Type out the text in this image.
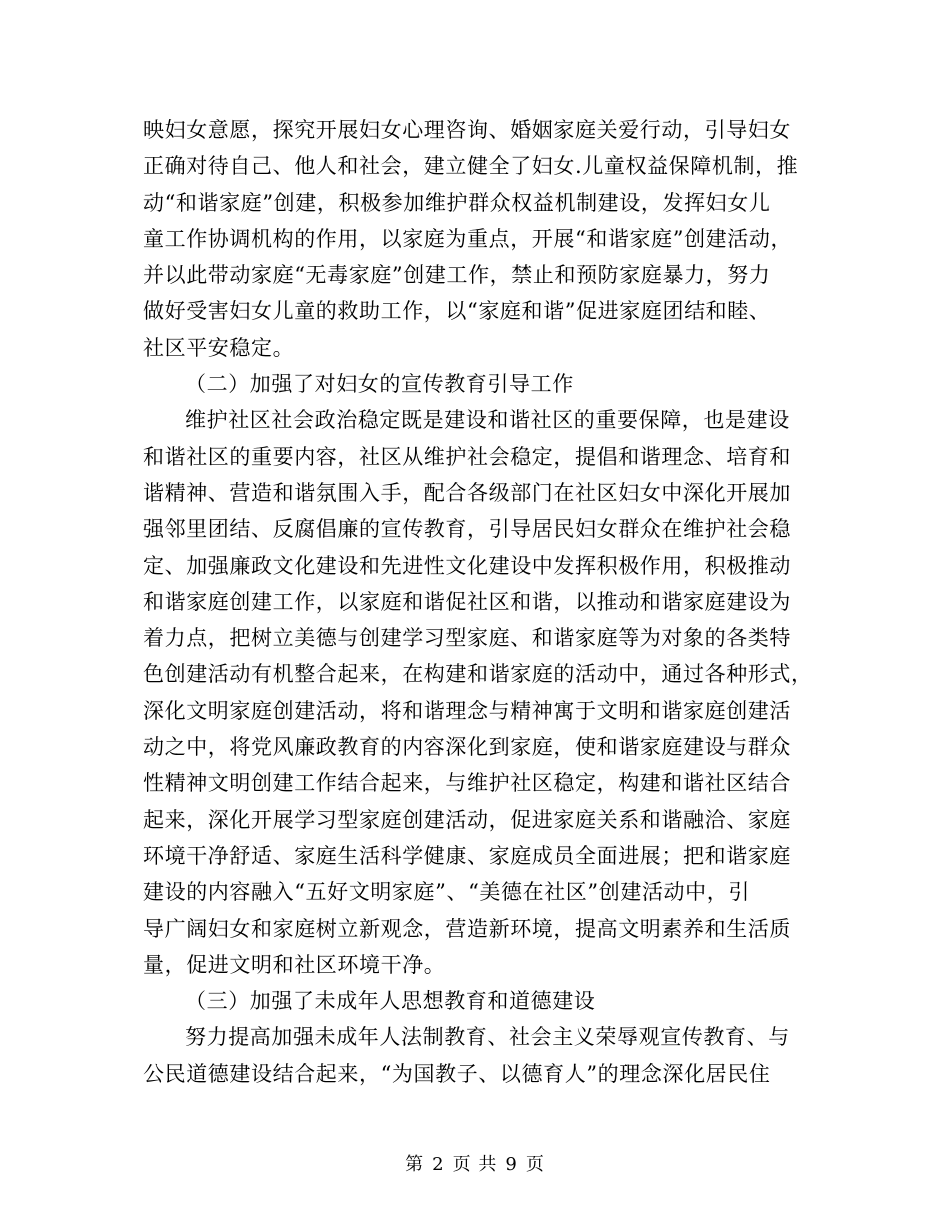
映妇女意愿，探究开展妇女心理咨询、婚姻家庭关爱行动，引导妇女
正确对待自己、他人和社会，建立健全了妇女.儿童权益保障机制，推
动“和谐家庭”创建，积极参加维护群众权益机制建设，发挥妇女儿
童工作协调机构的作用，以家庭为重点，开展“和谐家庭”创建活动，
并以此带动家庭“无毒家庭”创建工作，禁止和预防家庭暴力，努力
做好受害妇女儿童的救助工作，以“家庭和谐”促进家庭团结和睦、
社区平安稳定。
（二）加强了对妇女的宣传教育引导工作
维护社区社会政治稳定既是建设和谐社区的重要保障，也是建设
和谐社区的重要内容，社区从维护社会稳定，提倡和谐理念、培育和
谐精神、营造和谐氛围入手，配合各级部门在社区妇女中深化开展加
强邻里团结、反腐倡廉的宣传教育，引导居民妇女群众在维护社会稳
定、加强廉政文化建设和先进性文化建设中发挥积极作用，积极推动
和谐家庭创建工作，以家庭和谐促社区和谐，以推动和谐家庭建设为
着力点，把树立美德与创建学习型家庭、和谐家庭等为对象的各类特
色创建活动有机整合起来，在构建和谐家庭的活动中，通过各种形式，
深化文明家庭创建活动，将和谐理念与精神寓于文明和谐家庭创建活
动之中，将党风廉政教育的内容深化到家庭，使和谐家庭建设与群众
性精神文明创建工作结合起来，与维护社区稳定，构建和谐社区结合
起来，深化开展学习型家庭创建活动，促进家庭关系和谐融洽、家庭
环境干净舒适、家庭生活科学健康、家庭成员全面进展；把和谐家庭
建设的内容融入“五好文明家庭”、“美德在社区”创建活动中，引
导广阔妇女和家庭树立新观念，营造新环境，提高文明素养和生活质
量，促进文明和社区环境干净。
（三）加强了未成年人思想教育和道德建设
努力提高加强未成年人法制教育、社会主义荣辱观宣传教育、与
公民道德建设结合起来，“为国教子、以德育人”的理念深化居民住
第 2 页 共 9 页
